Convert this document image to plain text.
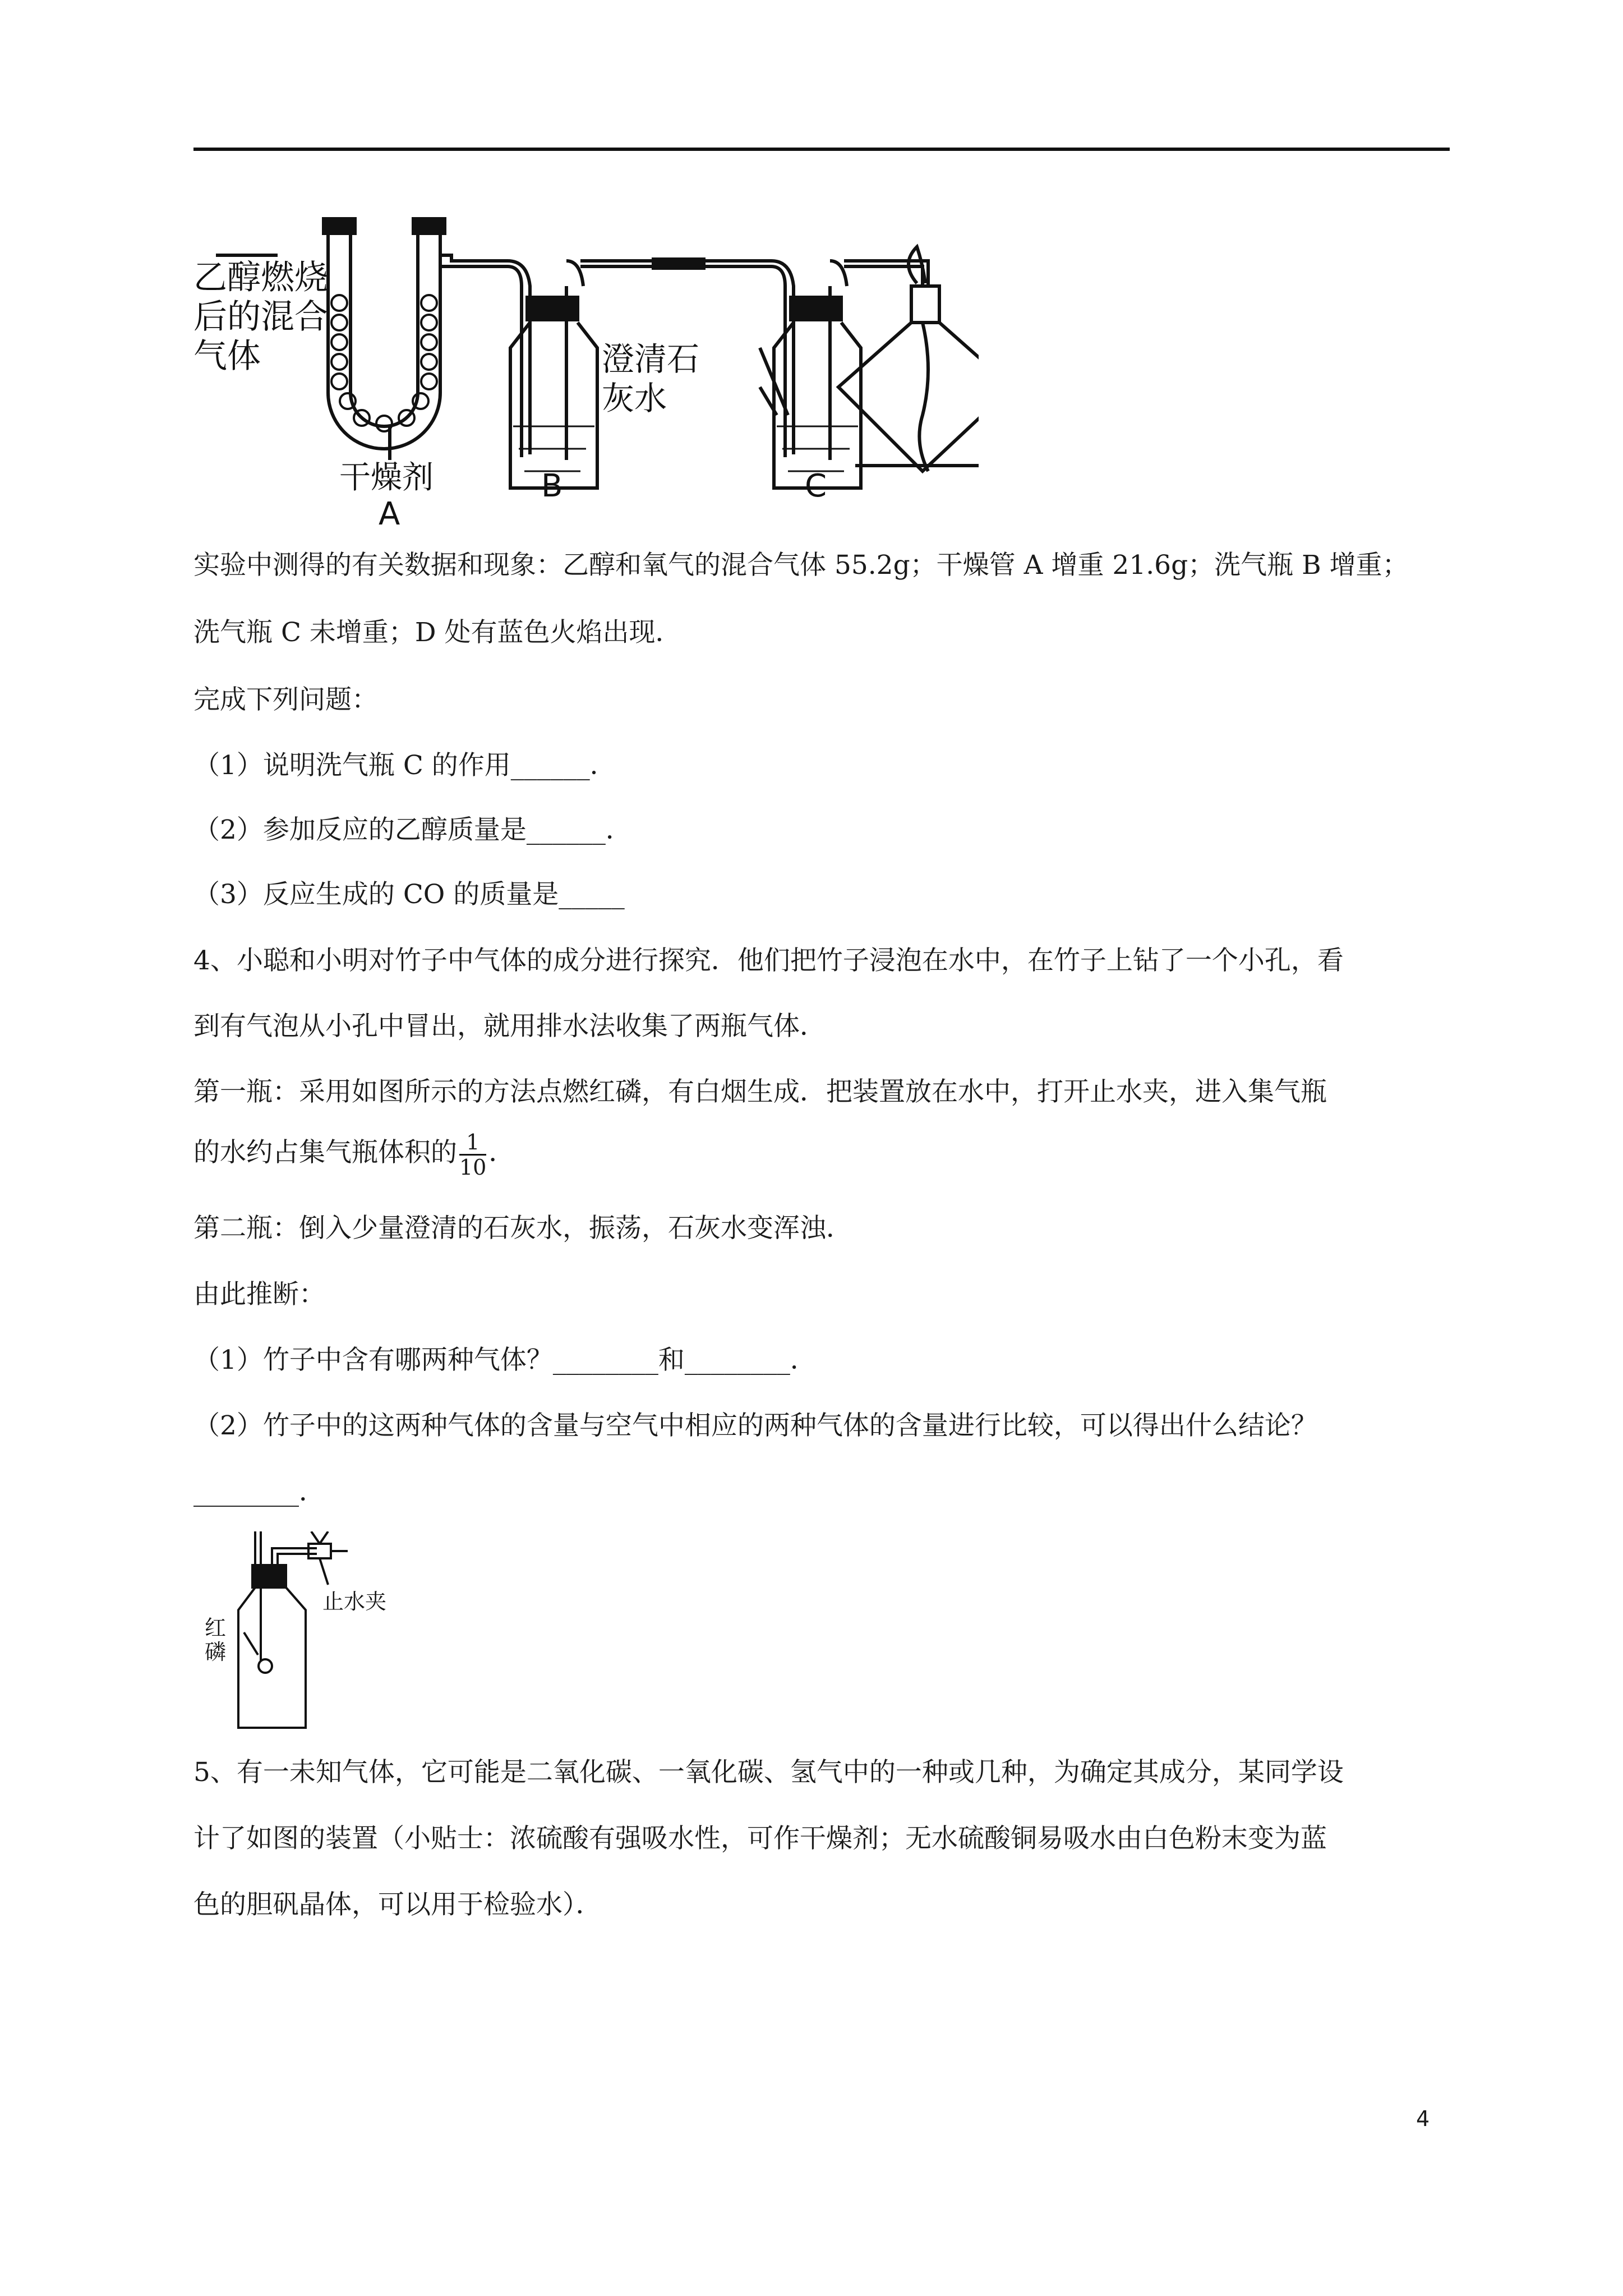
乙醇燃烧
后的混合
气体
干燥剂
A
B	C
澄清石
灰水
实验中测得的有关数据和现象：乙醇和氧气的混合气体 55.2g；干燥管 A 增重 21.6g；洗气瓶 B 增重；
洗气瓶 C 未增重；D 处有蓝色火焰出现．
完成下列问题：
（1）说明洗气瓶 C 的作用______．
（2）参加反应的乙醇质量是______．
（3）反应生成的 CO 的质量是_____
4、小聪和小明对竹子中气体的成分进行探究．他们把竹子浸泡在水中，在竹子上钻了一个小孔，看
到有气泡从小孔中冒出，就用排水法收集了两瓶气体．
第一瓶：采用如图所示的方法点燃红磷，有白烟生成．把装置放在水中，打开止水夹，进入集气瓶
的水约占集气瓶体积的 $\frac{1}{10}$ ．
第二瓶：倒入少量澄清的石灰水，振荡，石灰水变浑浊．
由此推断：
（1）竹子中含有哪两种气体？________和________．
（2）竹子中的这两种气体的含量与空气中相应的两种气体的含量进行比较，可以得出什么结论？
________．
红
磷
止水夹
5、有一未知气体，它可能是二氧化碳、一氧化碳、氢气中的一种或几种，为确定其成分，某同学设
计了如图的装置（小贴士：浓硫酸有强吸水性，可作干燥剂；无水硫酸铜易吸水由白色粉末变为蓝
色的胆矾晶体，可以用于检验水）．
4
